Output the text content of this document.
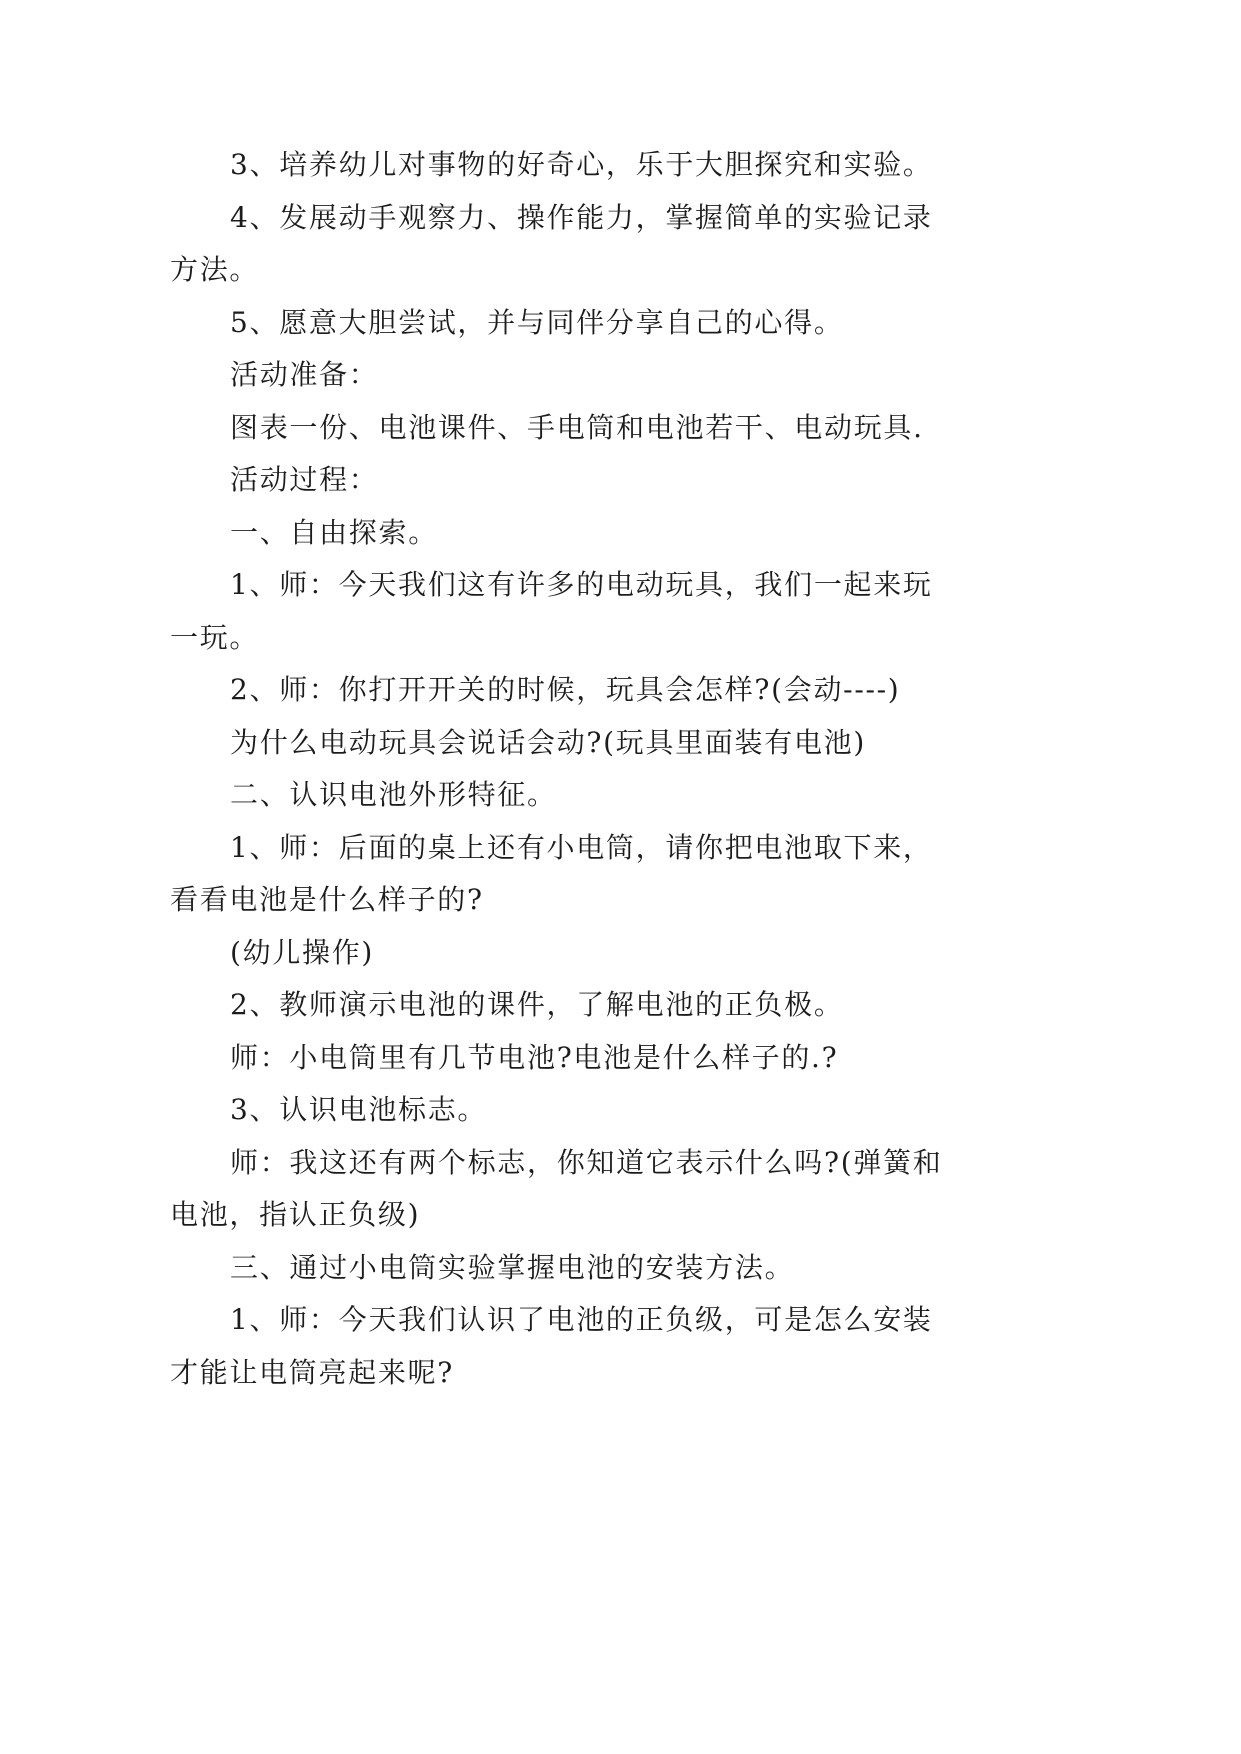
3、培养幼儿对事物的好奇心，乐于大胆探究和实验。
4、发展动手观察力、操作能力，掌握简单的实验记录
方法。
5、愿意大胆尝试，并与同伴分享自己的心得。
活动准备：
图表一份、电池课件、手电筒和电池若干、电动玩具.
活动过程：
一、自由探索。
1、师：今天我们这有许多的电动玩具，我们一起来玩
一玩。
2、师：你打开开关的时候，玩具会怎样?(会动----)
为什么电动玩具会说话会动?(玩具里面装有电池)
二、认识电池外形特征。
1、师：后面的桌上还有小电筒，请你把电池取下来，
看看电池是什么样子的?
(幼儿操作)
2、教师演示电池的课件，了解电池的正负极。
师：小电筒里有几节电池?电池是什么样子的.?
3、认识电池标志。
师：我这还有两个标志，你知道它表示什么吗?(弹簧和
电池，指认正负级)
三、通过小电筒实验掌握电池的安装方法。
1、师：今天我们认识了电池的正负级，可是怎么安装
才能让电筒亮起来呢?
